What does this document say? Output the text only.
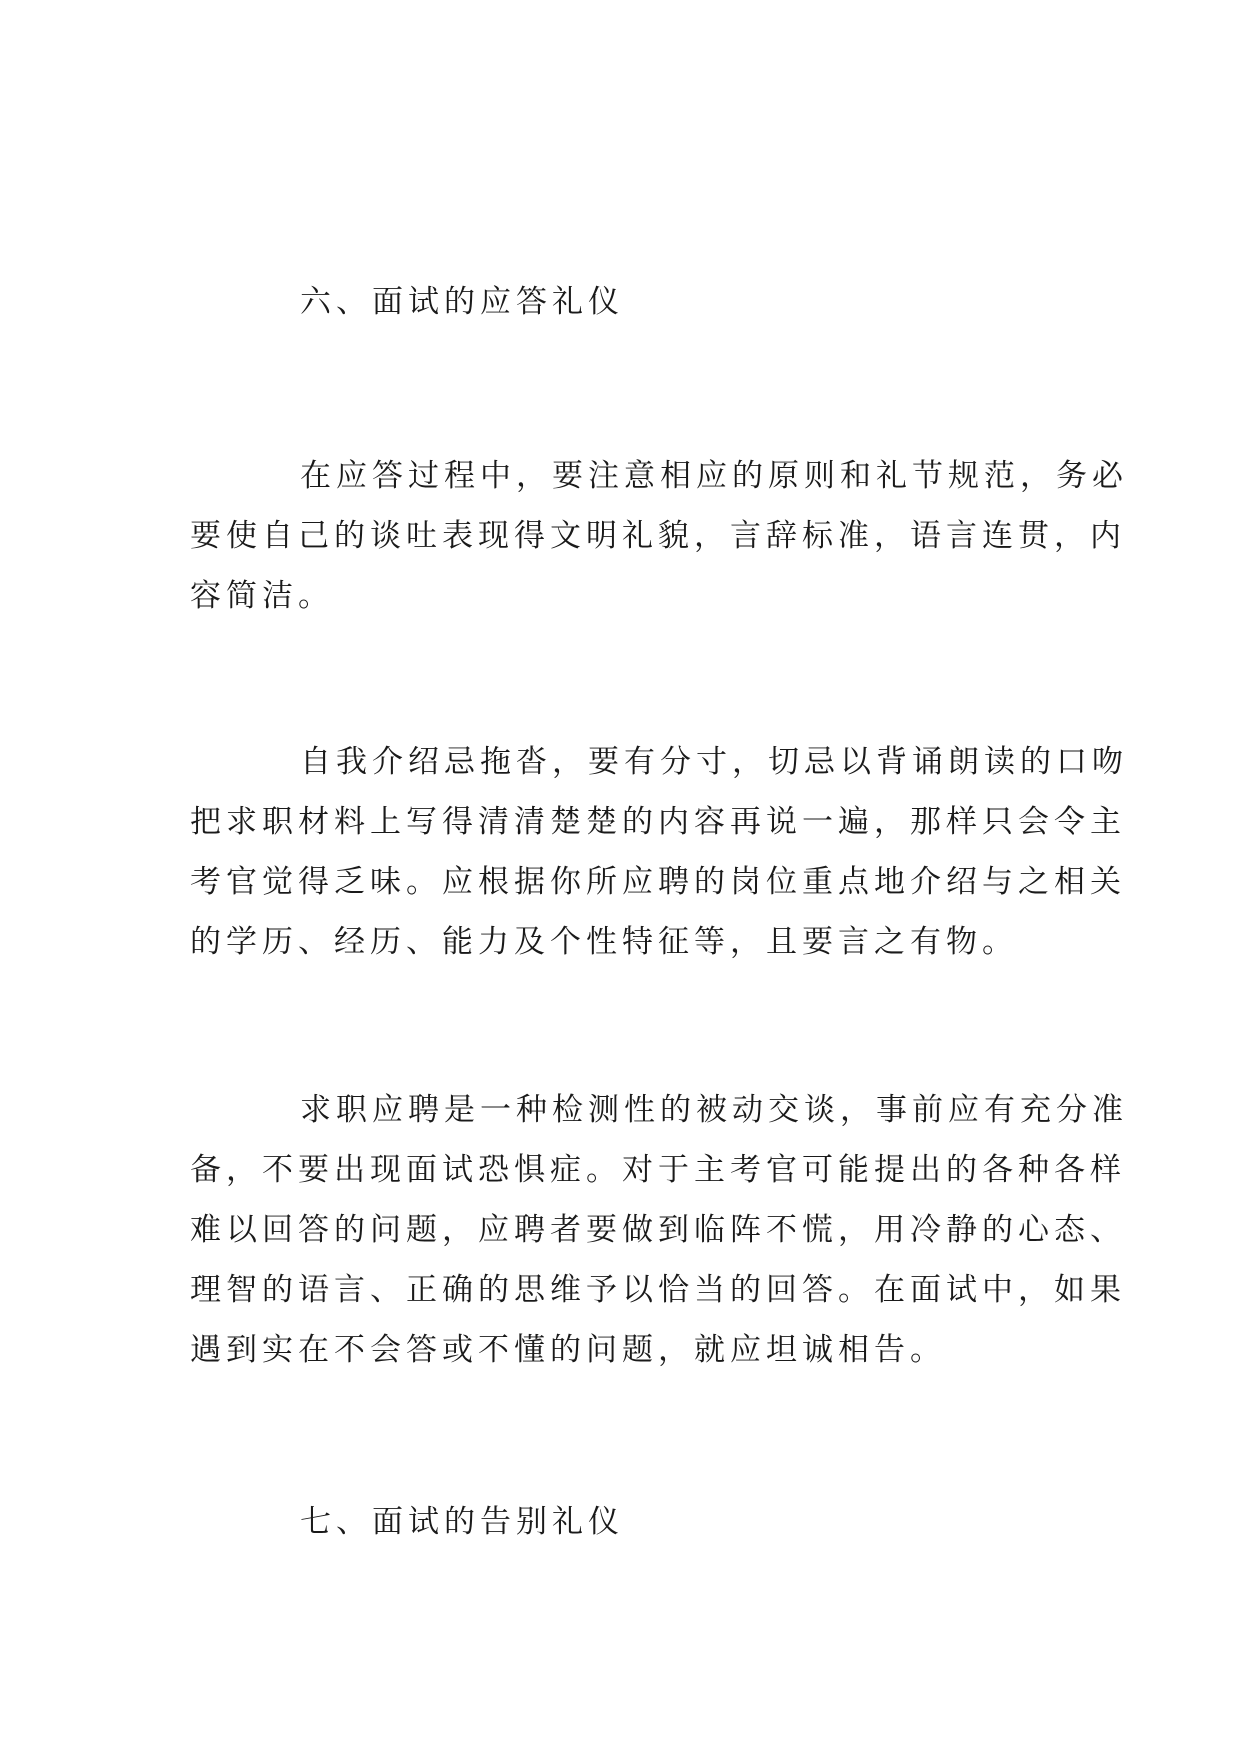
六、面试的应答礼仪
在应答过程中，要注意相应的原则和礼节规范，务必
要使自己的谈吐表现得文明礼貌，言辞标准，语言连贯，内
容简洁。
自我介绍忌拖沓，要有分寸，切忌以背诵朗读的口吻
把求职材料上写得清清楚楚的内容再说一遍，那样只会令主
考官觉得乏味。应根据你所应聘的岗位重点地介绍与之相关
的学历、经历、能力及个性特征等，且要言之有物。
求职应聘是一种检测性的被动交谈，事前应有充分准
备，不要出现面试恐惧症。对于主考官可能提出的各种各样
难以回答的问题，应聘者要做到临阵不慌，用冷静的心态、
理智的语言、正确的思维予以恰当的回答。在面试中，如果
遇到实在不会答或不懂的问题，就应坦诚相告。
七、面试的告别礼仪
